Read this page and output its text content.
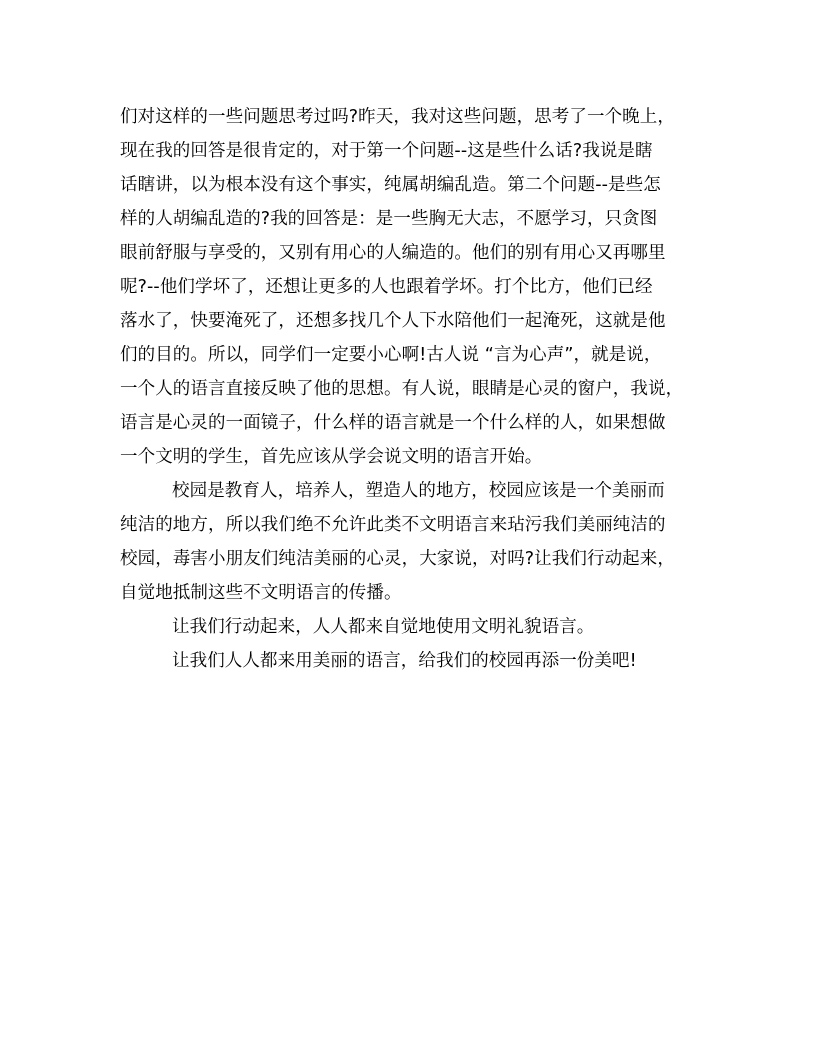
们对这样的一些问题思考过吗?昨天，我对这些问题，思考了一个晚上，
现在我的回答是很肯定的，对于第一个问题--这是些什么话?我说是瞎
话瞎讲，以为根本没有这个事实，纯属胡编乱造。第二个问题--是些怎
样的人胡编乱造的?我的回答是：是一些胸无大志，不愿学习，只贪图
眼前舒服与享受的，又别有用心的人编造的。他们的别有用心又再哪里
呢?--他们学坏了，还想让更多的人也跟着学坏。打个比方，他们已经
落水了，快要淹死了，还想多找几个人下水陪他们一起淹死，这就是他
们的目的。所以，同学们一定要小心啊!古人说 “言为心声”，就是说，
一个人的语言直接反映了他的思想。有人说，眼睛是心灵的窗户，我说，
语言是心灵的一面镜子，什么样的语言就是一个什么样的人，如果想做
一个文明的学生，首先应该从学会说文明的语言开始。
校园是教育人，培养人，塑造人的地方，校园应该是一个美丽而
纯洁的地方，所以我们绝不允许此类不文明语言来玷污我们美丽纯洁的
校园，毒害小朋友们纯洁美丽的心灵，大家说，对吗?让我们行动起来，
自觉地抵制这些不文明语言的传播。
让我们行动起来，人人都来自觉地使用文明礼貌语言。
让我们人人都来用美丽的语言，给我们的校园再添一份美吧!
